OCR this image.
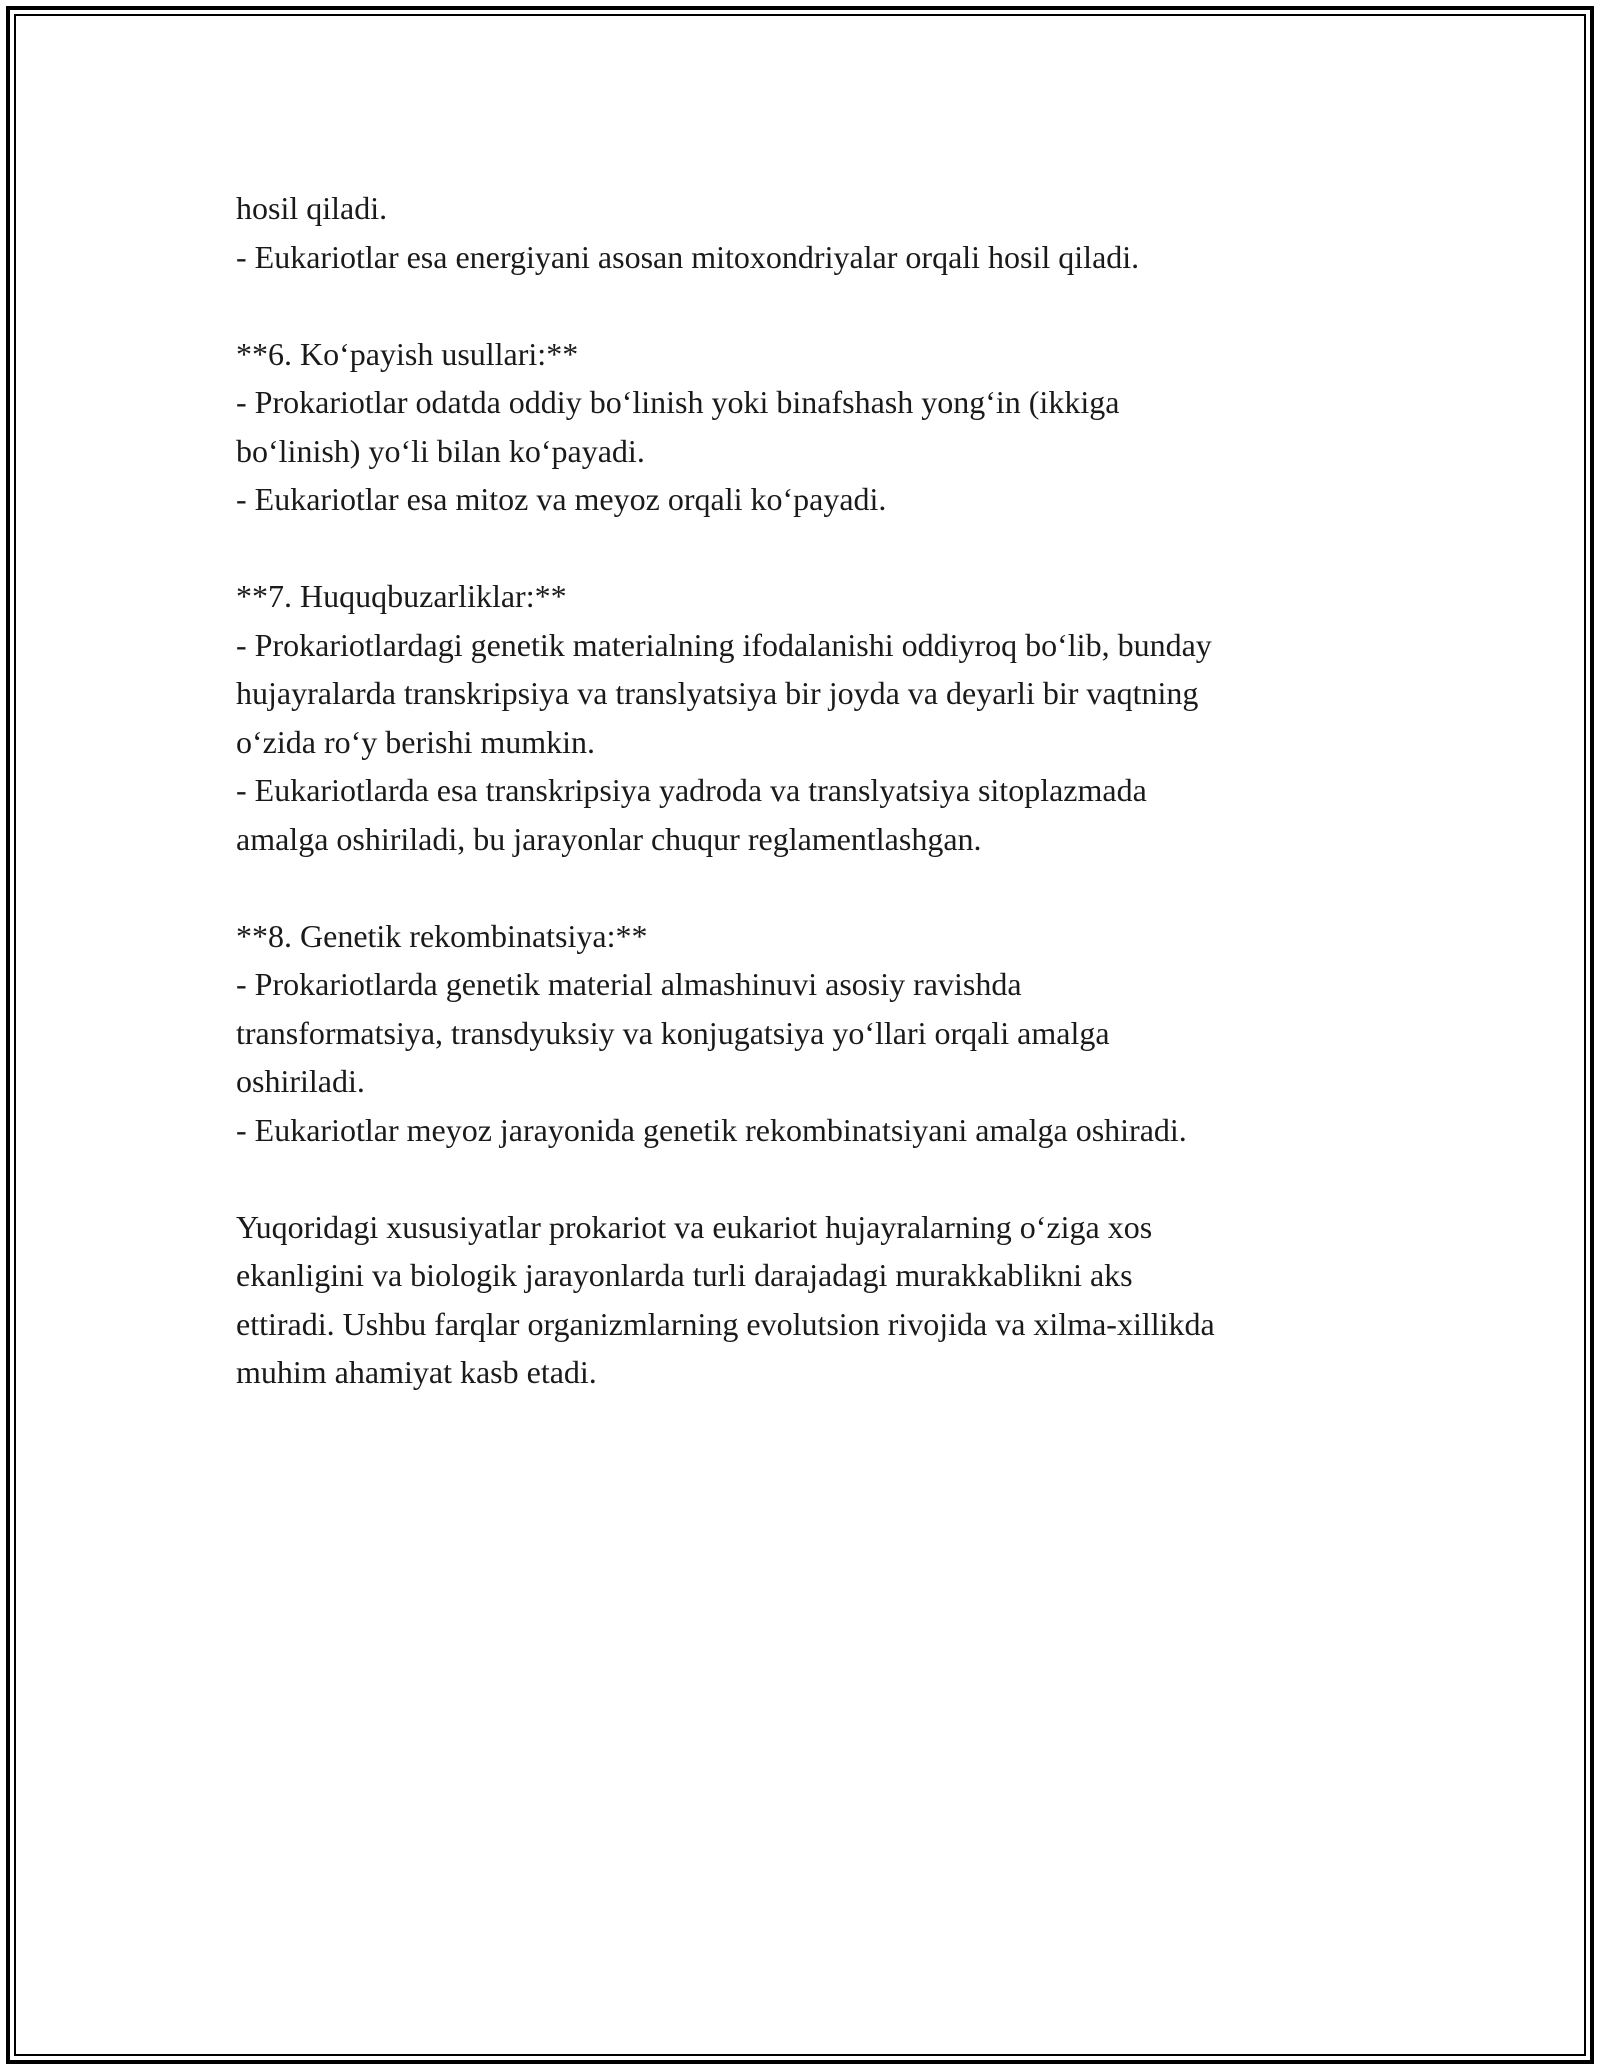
hosil qiladi.
- Eukariotlar esa energiyani asosan mitoxondriyalar orqali hosil qiladi.
**6. Ko‘payish usullari:**
- Prokariotlar odatda oddiy bo‘linish yoki binafshash yong‘in (ikkiga
bo‘linish) yo‘li bilan ko‘payadi.
- Eukariotlar esa mitoz va meyoz orqali ko‘payadi.
**7. Huquqbuzarliklar:**
- Prokariotlardagi genetik materialning ifodalanishi oddiyroq bo‘lib, bunday
hujayralarda transkripsiya va translyatsiya bir joyda va deyarli bir vaqtning
o‘zida ro‘y berishi mumkin.
- Eukariotlarda esa transkripsiya yadroda va translyatsiya sitoplazmada
amalga oshiriladi, bu jarayonlar chuqur reglamentlashgan.
**8. Genetik rekombinatsiya:**
- Prokariotlarda genetik material almashinuvi asosiy ravishda
transformatsiya, transdyuksiy va konjugatsiya yo‘llari orqali amalga
oshiriladi.
- Eukariotlar meyoz jarayonida genetik rekombinatsiyani amalga oshiradi.
Yuqoridagi xususiyatlar prokariot va eukariot hujayralarning o‘ziga xos
ekanligini va biologik jarayonlarda turli darajadagi murakkablikni aks
ettiradi. Ushbu farqlar organizmlarning evolutsion rivojida va xilma-xillikda
muhim ahamiyat kasb etadi.
